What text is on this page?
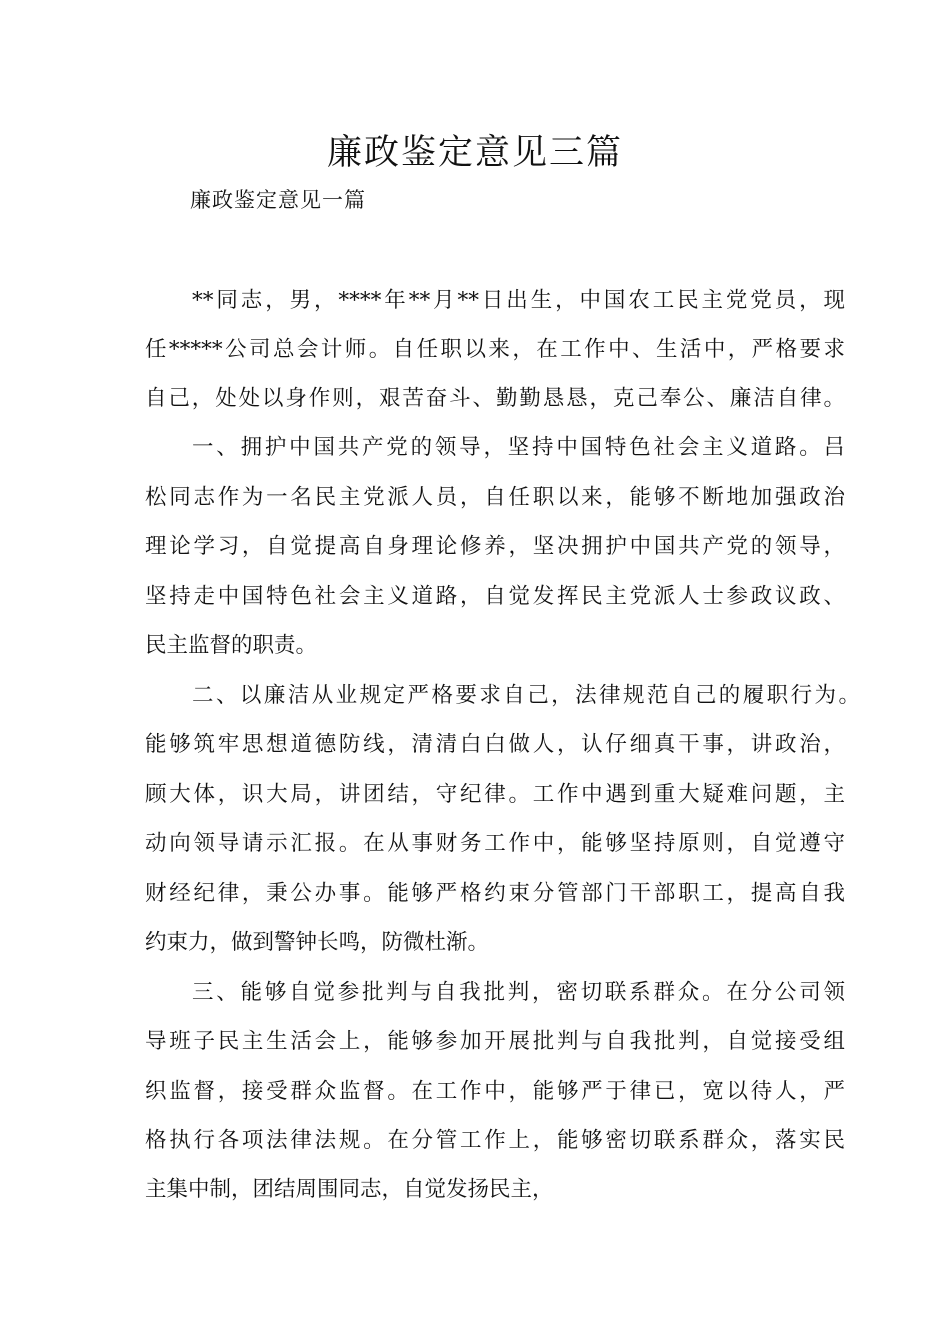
廉政鉴定意见三篇
廉政鉴定意见一篇
**同志，男，****年**月**日出生，中国农工民主党党员，现
任*****公司总会计师。自任职以来，在工作中、生活中，严格要求
自己，处处以身作则，艰苦奋斗、勤勤恳恳，克己奉公、廉洁自律。
一、拥护中国共产党的领导，坚持中国特色社会主义道路。吕
松同志作为一名民主党派人员，自任职以来，能够不断地加强政治
理论学习，自觉提高自身理论修养，坚决拥护中国共产党的领导，
坚持走中国特色社会主义道路，自觉发挥民主党派人士参政议政、
民主监督的职责。
二、以廉洁从业规定严格要求自己，法律规范自己的履职行为。
能够筑牢思想道德防线，清清白白做人，认仔细真干事，讲政治，
顾大体，识大局，讲团结，守纪律。工作中遇到重大疑难问题，主
动向领导请示汇报。在从事财务工作中，能够坚持原则，自觉遵守
财经纪律，秉公办事。能够严格约束分管部门干部职工，提高自我
约束力，做到警钟长鸣，防微杜渐。
三、能够自觉参批判与自我批判，密切联系群众。在分公司领
导班子民主生活会上，能够参加开展批判与自我批判，自觉接受组
织监督，接受群众监督。在工作中，能够严于律已，宽以待人，严
格执行各项法律法规。在分管工作上，能够密切联系群众，落实民
主集中制，团结周围同志，自觉发扬民主，
